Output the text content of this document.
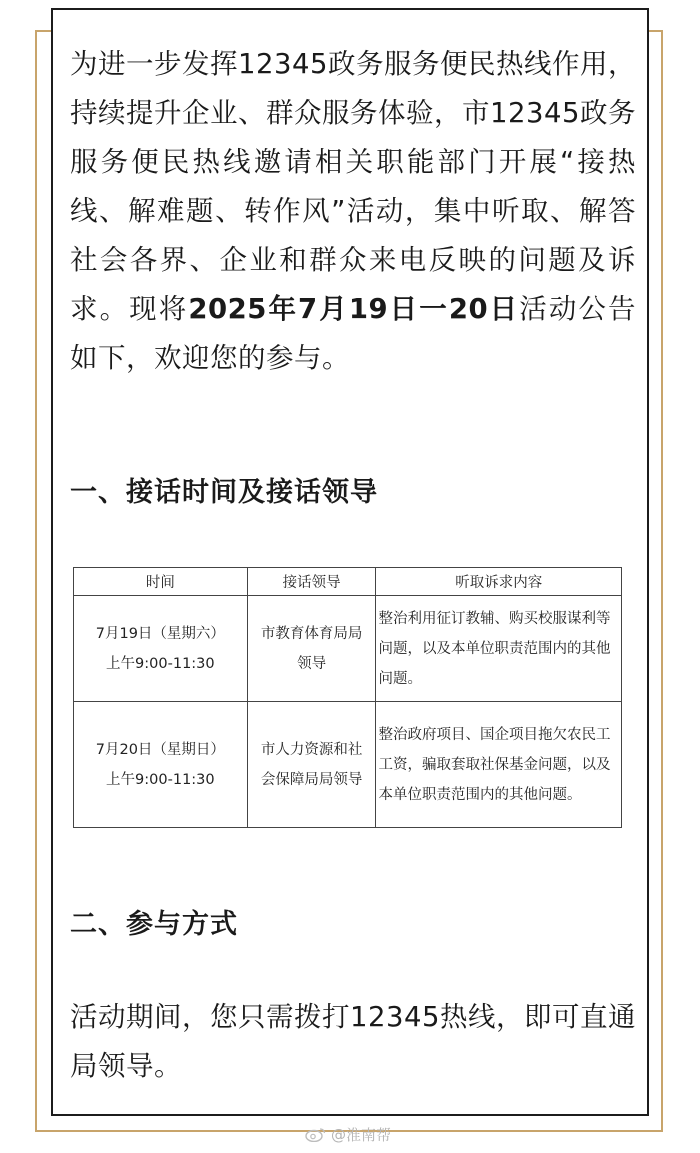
为进一步发挥12345政务服务便民热线作用，持续提升企业、群众服务体验，市12345政务服务便民热线邀请相关职能部门开展“接热线、解难题、转作风”活动，集中听取、解答社会各界、企业和群众来电反映的问题及诉求。现将2025年7月19日一20日活动公告如下，欢迎您的参与。

一、接话时间及接话领导
时间	接话领导	听取诉求内容
7月19日（星期六）
上午9:00-11:30	市教育体育局局领导	整治利用征订教辅、购买校服谋利等问题，以及本单位职责范围内的其他问题。
7月20日（星期日）
上午9:00-11:30	市人力资源和社会保障局局领导	整治政府项目、国企项目拖欠农民工工资，骗取套取社保基金问题，以及本单位职责范围内的其他问题。
二、参与方式

活动期间，您只需拨打12345热线，即可直通局领导。

@淮南帮
